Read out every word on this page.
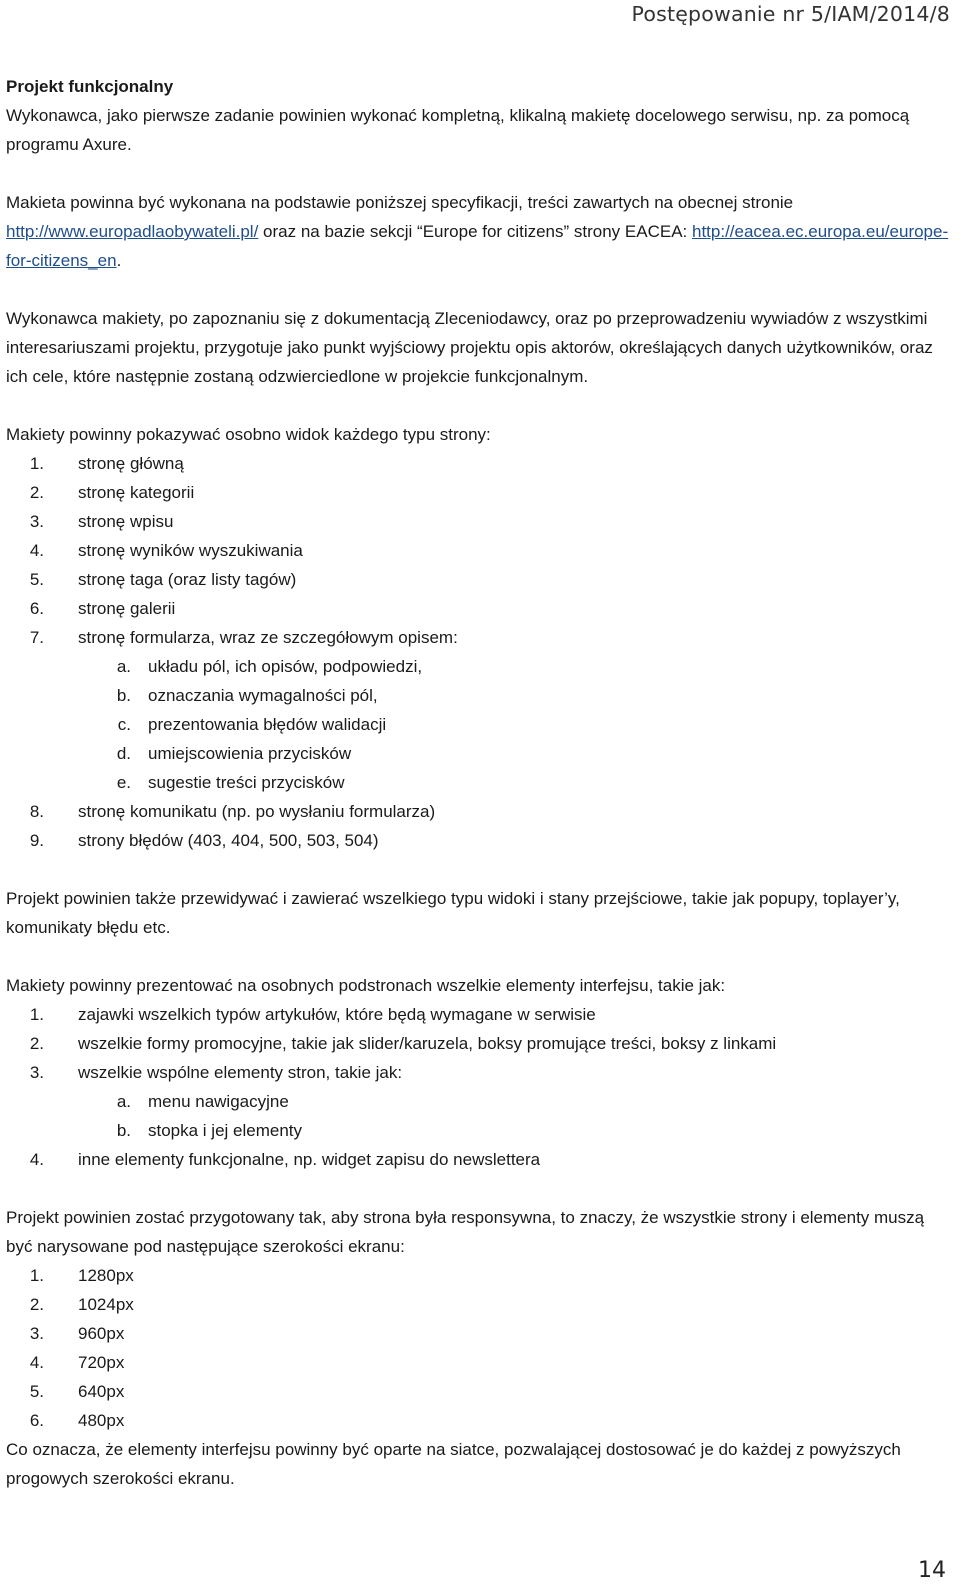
Postępowanie nr 5/IAM/2014/8

Projekt funkcjonalny

Wykonawca, jako pierwsze zadanie powinien wykonać kompletną, klikalną makietę docelowego serwisu, np. za pomocą programu Axure.

Makieta powinna być wykonana na podstawie poniższej specyfikacji, treści zawartych na obecnej stronie http://www.europadlaobywateli.pl/ oraz na bazie sekcji “Europe for citizens” strony EACEA: http://eacea.ec.europa.eu/europe-for-citizens_en.

Wykonawca makiety, po zapoznaniu się z dokumentacją Zleceniodawcy, oraz po przeprowadzeniu wywiadów z wszystkimi interesariuszami projektu, przygotuje jako punkt wyjściowy projektu opis aktorów, określających danych użytkowników, oraz ich cele, które następnie zostaną odzwierciedlone w projekcie funkcjonalnym.

Makiety powinny pokazywać osobno widok każdego typu strony:

1.	stronę główną
2.	stronę kategorii
3.	stronę wpisu
4.	stronę wyników wyszukiwania
5.	stronę taga (oraz listy tagów)
6.	stronę galerii
7.	stronę formularza, wraz ze szczegółowym opisem:
a.	układu pól, ich opisów, podpowiedzi,
b.	oznaczania wymagalności pól,
c.	prezentowania błędów walidacji
d.	umiejscowienia przycisków
e.	sugestie treści przycisków
8.	stronę komunikatu (np. po wysłaniu formularza)
9.	strony błędów (403, 404, 500, 503, 504)

Projekt powinien także przewidywać i zawierać wszelkiego typu widoki i stany przejściowe, takie jak popupy, toplayer’y, komunikaty błędu etc.

Makiety powinny prezentować na osobnych podstronach wszelkie elementy interfejsu, takie jak:

1.	zajawki wszelkich typów artykułów, które będą wymagane w serwisie
2.	wszelkie formy promocyjne, takie jak slider/karuzela, boksy promujące treści, boksy z linkami
3.	wszelkie wspólne elementy stron, takie jak:
a.	menu nawigacyjne
b.	stopka i jej elementy
4.	inne elementy funkcjonalne, np. widget zapisu do newslettera

Projekt powinien zostać przygotowany tak, aby strona była responsywna, to znaczy, że wszystkie strony i elementy muszą być narysowane pod następujące szerokości ekranu:

1.	1280px
2.	1024px
3.	960px
4.	720px
5.	640px
6.	480px

Co oznacza, że elementy interfejsu powinny być oparte na siatce, pozwalającej dostosować je do każdej z powyższych progowych szerokości ekranu.

14
